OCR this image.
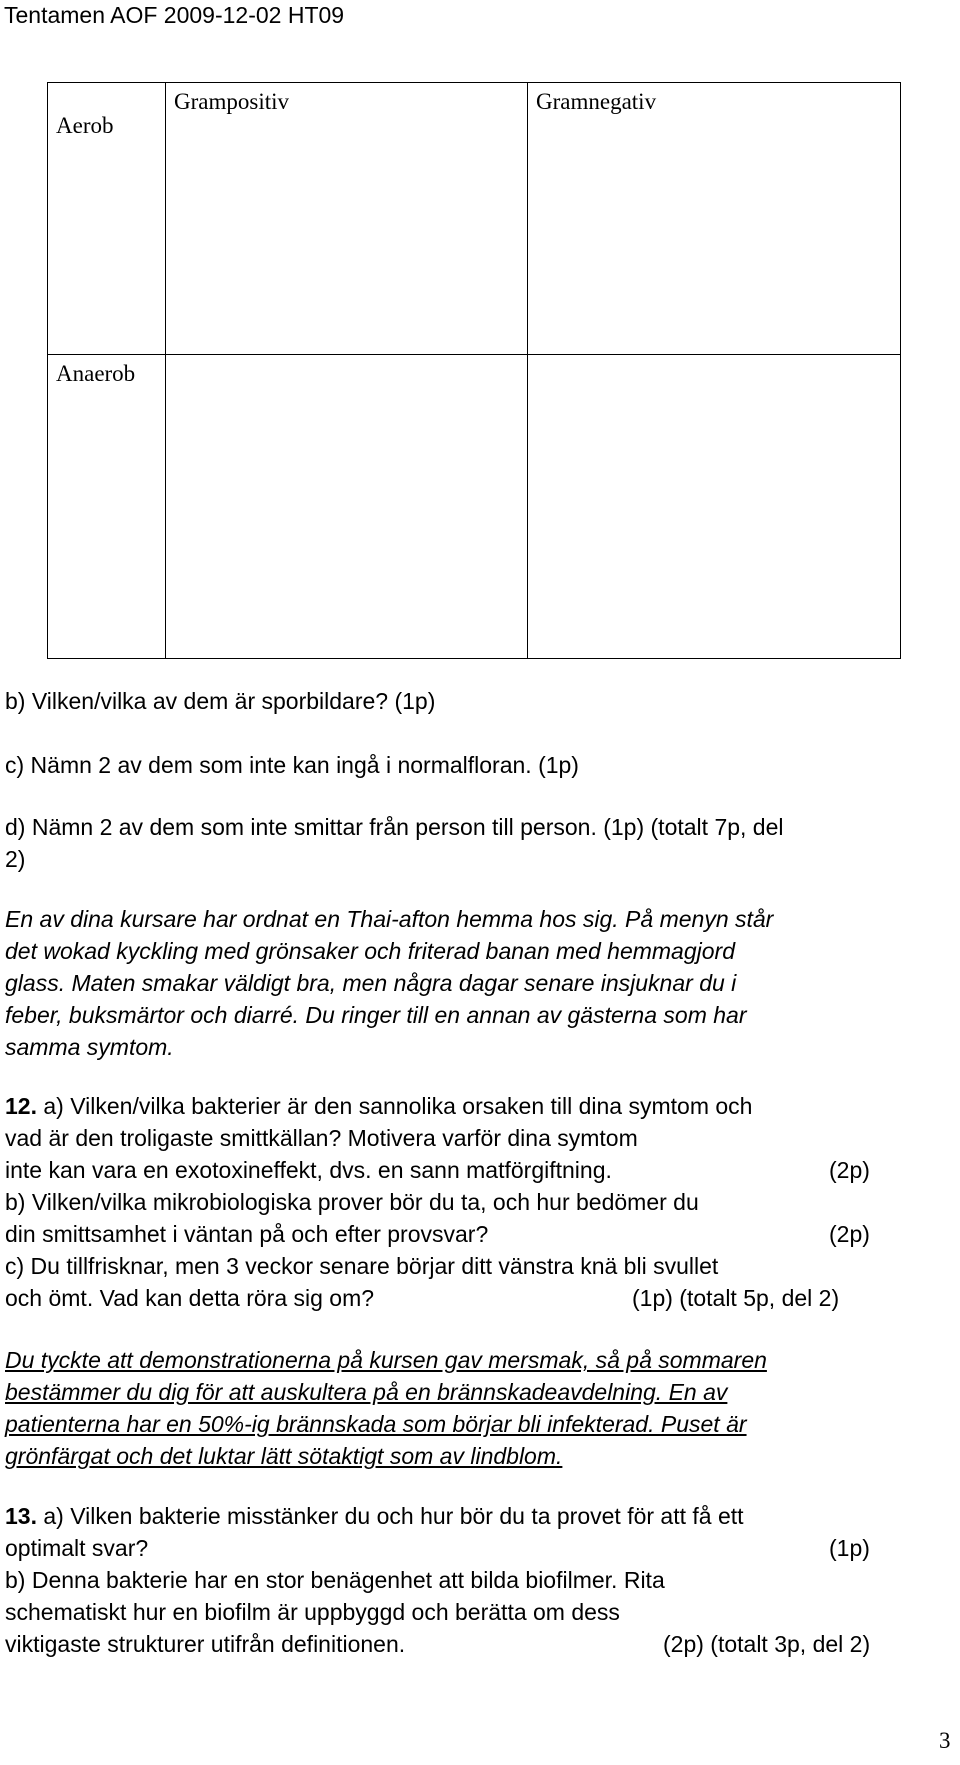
Tentamen AOF 2009-12-02 HT09
Aerob	Grampositiv	Gramnegativ

Anaerob		

b) Vilken/vilka av dem är sporbildare? (1p)
c) Nämn 2 av dem som inte kan ingå i normalfloran. (1p)
d) Nämn 2 av dem som inte smittar från person till person. (1p) (totalt 7p, del
2)
En av dina kursare har ordnat en Thai-afton hemma hos sig. På menyn står
det wokad kyckling med grönsaker och friterad banan med hemmagjord
glass. Maten smakar väldigt bra, men några dagar senare insjuknar du i
feber, buksmärtor och diarré. Du ringer till en annan av gästerna som har
samma symtom.
12. a) Vilken/vilka bakterier är den sannolika orsaken till dina symtom och
vad är den troligaste smittkällan? Motivera varför dina symtom
inte kan vara en exotoxineffekt, dvs. en sann matförgiftning.	(2p)
b) Vilken/vilka mikrobiologiska prover bör du ta, och hur bedömer du
din smittsamhet i väntan på och efter provsvar?	(2p)
c) Du tillfrisknar, men 3 veckor senare börjar ditt vänstra knä bli svullet
och ömt. Vad kan detta röra sig om?	(1p) (totalt 5p, del 2)
Du tyckte att demonstrationerna på kursen gav mersmak, så på sommaren
bestämmer du dig för att auskultera på en brännskadeavdelning. En av
patienterna har en 50%-ig brännskada som börjar bli infekterad. Puset är
grönfärgat och det luktar lätt sötaktigt som av lindblom.
13. a) Vilken bakterie misstänker du och hur bör du ta provet för att få ett
optimalt svar?	(1p)
b) Denna bakterie har en stor benägenhet att bilda biofilmer. Rita
schematiskt hur en biofilm är uppbyggd och berätta om dess
viktigaste strukturer utifrån definitionen.	(2p) (totalt 3p, del 2)
3
